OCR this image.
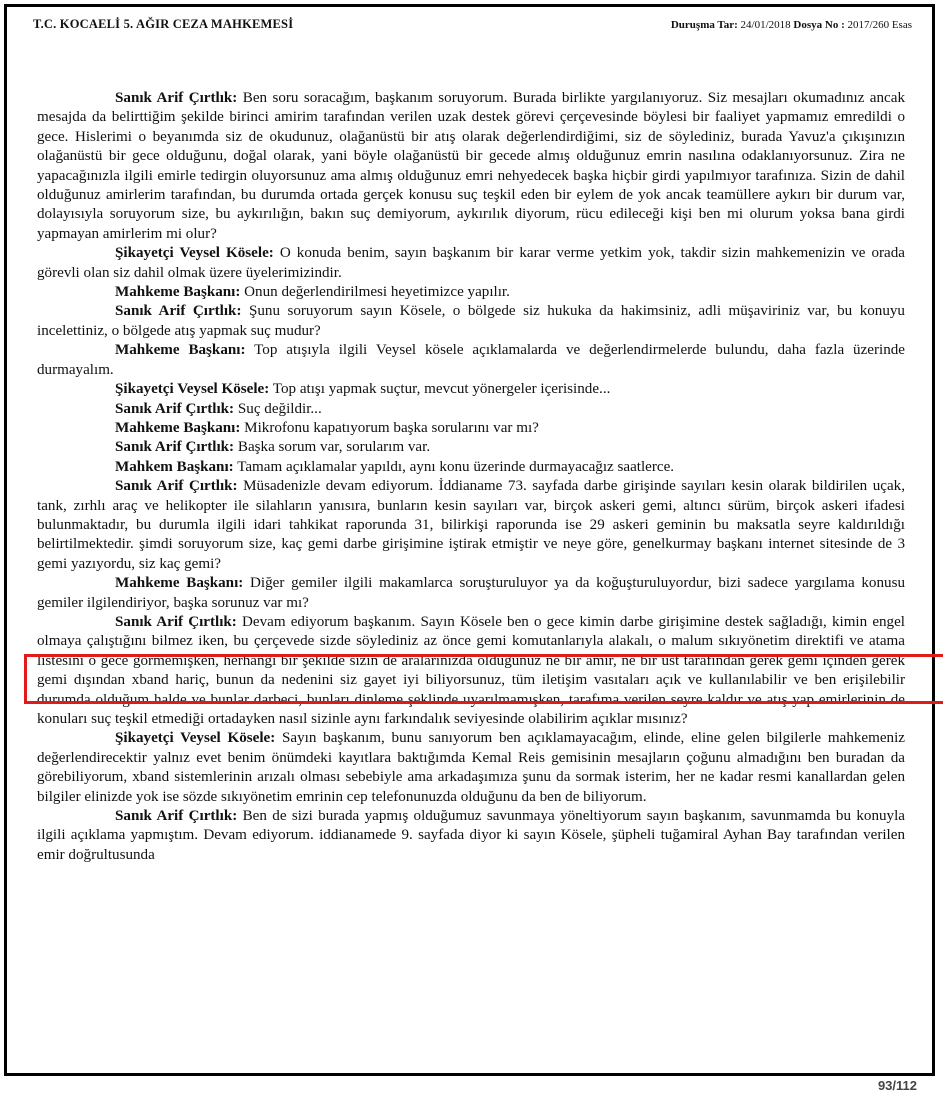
T.C. KOCAELİ 5. AĞIR CEZA MAHKEMESİ	Duruşma Tar: 24/01/2018 Dosya No : 2017/260 Esas

Sanık Arif Çırtlık: Ben soru soracağım, başkanım soruyorum. Burada birlikte yargılanıyoruz. Siz mesajları okumadınız ancak mesajda da belirttiğim şekilde birinci amirim tarafından verilen uzak destek görevi çerçevesinde böylesi bir faaliyet yapmamız emredildi o gece. Hislerimi o beyanımda siz de okudunuz, olağanüstü bir atış olarak değerlendirdiğimi, siz de söylediniz, burada Yavuz'a çıkışınızın olağanüstü bir gece olduğunu, doğal olarak, yani böyle olağanüstü bir gecede almış olduğunuz emrin nasılına odaklanıyorsunuz. Zira ne yapacağınızla ilgili emirle tedirgin oluyorsunuz ama almış olduğunuz emri nehyedecek başka hiçbir girdi yapılmıyor tarafınıza. Sizin de dahil olduğunuz amirlerim tarafından, bu durumda ortada gerçek konusu suç teşkil eden bir eylem de yok ancak teamüllere aykırı bir durum var, dolayısıyla soruyorum size, bu aykırılığın, bakın suç demiyorum, aykırılık diyorum, rücu edileceği kişi ben mi olurum yoksa bana girdi yapmayan amirlerim mi olur?

Şikayetçi Veysel Kösele: O konuda benim, sayın başkanım bir karar verme yetkim yok, takdir sizin mahkemenizin ve orada görevli olan siz dahil olmak üzere üyelerimizindir.

Mahkeme Başkanı: Onun değerlendirilmesi heyetimizce yapılır.

Sanık Arif Çırtlık: Şunu soruyorum sayın Kösele, o bölgede siz hukuka da hakimsiniz, adli müşaviriniz var, bu konuyu incelettiniz, o bölgede atış yapmak suç mudur?

Mahkeme Başkanı: Top atışıyla ilgili Veysel kösele açıklamalarda ve değerlendirmelerde bulundu, daha fazla üzerinde durmayalım.

Şikayetçi Veysel Kösele: Top atışı yapmak suçtur, mevcut yönergeler içerisinde...

Sanık Arif Çırtlık: Suç değildir...

Mahkeme Başkanı: Mikrofonu kapatıyorum başka sorularını var mı?

Sanık Arif Çırtlık: Başka sorum var, sorularım var.

Mahkem Başkanı: Tamam açıklamalar yapıldı, aynı konu üzerinde durmayacağız saatlerce.

Sanık Arif Çırtlık: Müsadenizle devam ediyorum. İddianame 73. sayfada darbe girişinde sayıları kesin olarak bildirilen uçak, tank, zırhlı araç ve helikopter ile silahların yanısıra, bunların kesin sayıları var, birçok askeri gemi, altıncı sürüm, birçok askeri ifadesi bulunmaktadır, bu durumla ilgili idari tahkikat raporunda 31, bilirkişi raporunda ise 29 askeri geminin bu maksatla seyre kaldırıldığı belirtilmektedir. şimdi soruyorum size, kaç gemi darbe girişimine iştirak etmiştir ve neye göre, genelkurmay başkanı internet sitesinde de 3 gemi yazıyordu, siz kaç gemi?

Mahkeme Başkanı: Diğer gemiler ilgili makamlarca soruşturuluyor ya da koğuşturuluyordur, bizi sadece yargılama konusu gemiler ilgilendiriyor, başka sorunuz var mı?

Sanık Arif Çırtlık: Devam ediyorum başkanım. Sayın Kösele ben o gece kimin darbe girişimine destek sağladığı, kimin engel olmaya çalıştığını bilmez iken, bu çerçevede sizde söylediniz az önce gemi komutanlarıyla alakalı, o malum sıkıyönetim direktifi ve atama listesini o gece görmemişken, herhangi bir şekilde sizin de aralarınızda olduğunuz ne bir amir, ne bir üst tarafından gerek gemi içinden gerek gemi dışından xband hariç, bunun da nedenini siz gayet iyi biliyorsunuz, tüm iletişim vasıtaları açık ve kullanılabilir ve ben erişilebilir durumda olduğum halde ve bunlar darbeci, bunları dinleme şeklinde uyarılmamışken, tarafıma verilen seyre kaldır ve atış yap emirlerinin de konuları suç teşkil etmediği ortadayken nasıl sizinle aynı farkındalık seviyesinde olabilirim açıklar mısınız?

Şikayetçi Veysel Kösele: Sayın başkanım, bunu sanıyorum ben açıklamayacağım, elinde, eline gelen bilgilerle mahkemeniz değerlendirecektir yalnız evet benim önümdeki kayıtlara baktığımda Kemal Reis gemisinin mesajların çoğunu almadığını ben buradan da görebiliyorum, xband sistemlerinin arızalı olması sebebiyle ama arkadaşımıza şunu da sormak isterim, her ne kadar resmi kanallardan gelen bilgiler elinizde yok ise sözde sıkıyönetim emrinin cep telefonunuzda olduğunu da ben de biliyorum.

Sanık Arif Çırtlık: Ben de sizi burada yapmış olduğumuz savunmaya yöneltiyorum sayın başkanım, savunmamda bu konuyla ilgili açıklama yapmıştım. Devam ediyorum. iddianamede 9. sayfada diyor ki sayın Kösele, şüpheli tuğamiral Ayhan Bay tarafından verilen emir doğrultusunda

93/112
